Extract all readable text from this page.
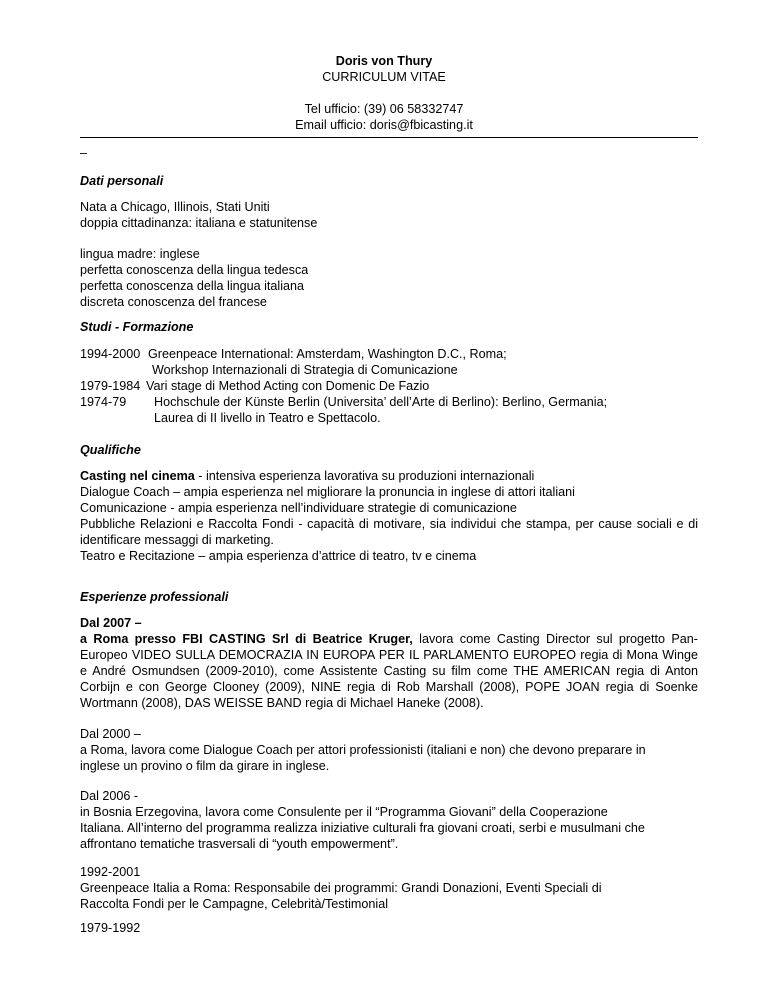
Doris von Thury
CURRICULUM VITAE
Tel ufficio: (39) 06 58332747
Email ufficio: doris@fbicasting.it
–
Dati personali
Nata a Chicago, Illinois, Stati Uniti
doppia cittadinanza: italiana e statunitense
lingua madre: inglese
perfetta conoscenza della lingua tedesca
perfetta conoscenza della lingua italiana
discreta conoscenza del francese
Studi - Formazione
1994-2000 Greenpeace International: Amsterdam, Washington D.C., Roma;
Workshop Internazionali di Strategia di Comunicazione
1979-1984 Vari stage di Method Acting con Domenic De Fazio
1974-79 Hochschule der Künste Berlin (Universita’ dell’Arte di Berlino): Berlino, Germania;
Laurea di II livello in Teatro e Spettacolo.
Qualifiche
Casting nel cinema - intensiva esperienza lavorativa su produzioni internazionali
Dialogue Coach – ampia esperienza nel migliorare la pronuncia in inglese di attori italiani
Comunicazione - ampia esperienza nell’individuare strategie di comunicazione

Pubbliche Relazioni e Raccolta Fondi - capacità di motivare, sia individui che stampa, per cause sociali e di identificare messaggi di marketing.

Teatro e Recitazione – ampia esperienza d’attrice di teatro, tv e cinema
Esperienze professionali
Dal 2007 –

a Roma presso FBI CASTING Srl di Beatrice Kruger, lavora come Casting Director sul progetto Pan-Europeo VIDEO SULLA DEMOCRAZIA IN EUROPA PER IL PARLAMENTO EUROPEO regia di Mona Winge e André Osmundsen (2009-2010), come Assistente Casting su film come THE AMERICAN regia di Anton Corbijn e con George Clooney (2009), NINE regia di Rob Marshall (2008), POPE JOAN regia di Soenke Wortmann (2008), DAS WEISSE BAND regia di Michael Haneke (2008).

Dal 2000 –
a Roma, lavora come Dialogue Coach per attori professionisti (italiani e non) che devono preparare in
inglese un provino o film da girare in inglese.
Dal 2006 -
in Bosnia Erzegovina, lavora come Consulente per il “Programma Giovani” della Cooperazione
Italiana. All’interno del programma realizza iniziative culturali fra giovani croati, serbi e musulmani che
affrontano tematiche trasversali di “youth empowerment”.
1992-2001
Greenpeace Italia a Roma: Responsabile dei programmi: Grandi Donazioni, Eventi Speciali di
Raccolta Fondi per le Campagne, Celebrità/Testimonial
1979-1992
